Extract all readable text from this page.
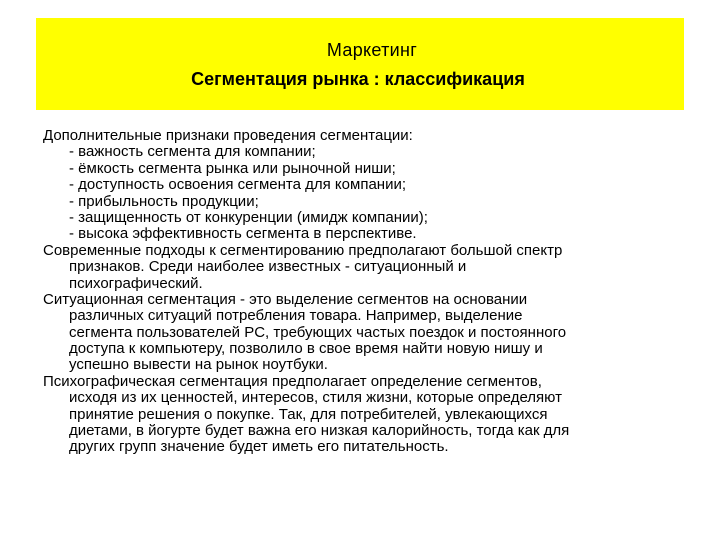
Маркетинг
Сегментация рынка : классификация
Дополнительные признаки проведения сегментации:
- важность сегмента для компании;
- ёмкость сегмента рынка или рыночной ниши;
- доступность освоения сегмента для компании;
- прибыльность продукции;
- защищенность от конкуренции (имидж компании);
- высока эффективность сегмента в перспективе.
Современные подходы к сегментированию предполагают большой спектр
признаков. Среди наиболее известных - ситуационный и
психографический.
Ситуационная сегментация - это выделение сегментов на основании
различных ситуаций потребления товара. Например, выделение
сегмента пользователей PC, требующих частых поездок и постоянного
доступа к компьютеру, позволило в свое время найти новую нишу и
успешно вывести на рынок ноутбуки.
Психографическая сегментация предполагает определение сегментов,
исходя из их ценностей, интересов, стиля жизни, которые определяют
принятие решения о покупке. Так, для потребителей, увлекающихся
диетами, в йогурте будет важна его низкая калорийность, тогда как для
других групп значение будет иметь его питательность.
